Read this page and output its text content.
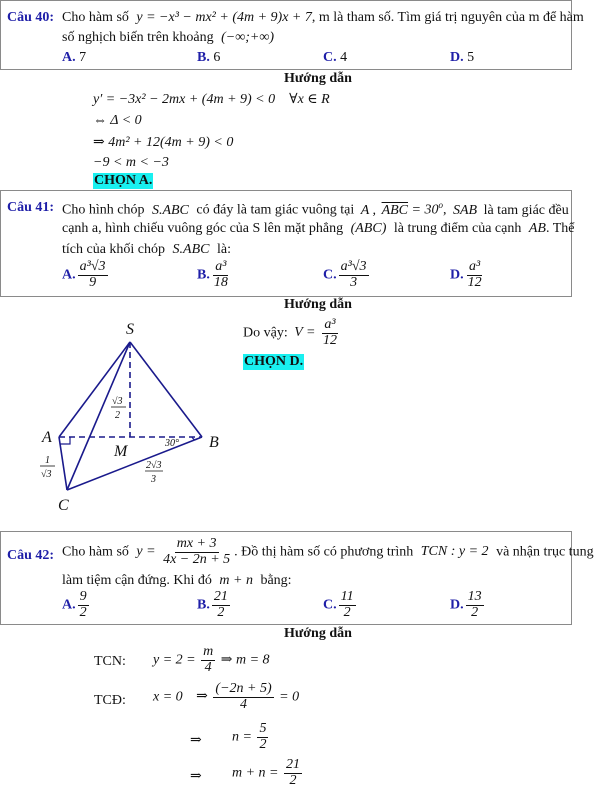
Câu 40: Cho hàm số y = −x³ − mx² + (4m + 9)x + 7, m là tham số. Tìm giá trị nguyên của m để hàm
số nghịch biến trên khoảng (−∞;+∞)
A. 7	B. 6	C. 4	D. 5
Hướng dẫn
y′ = −3x² − 2mx + (4m + 9) < 0    ∀x ∈ R
⇔ Δ < 0
⇒ 4m² + 12(4m + 9) < 0
−9 < m < −3
CHỌN A.
Câu 41: Cho hình chóp S.ABC có đáy là tam giác vuông tại A , $\overline{ABC} = 30^o$, SAB là tam giác đều
cạnh a, hình chiếu vuông góc của S lên mặt phẳng (ABC) là trung điểm của cạnh AB. Thể
tích của khối chóp S.ABC là:
A. $\frac{\text{a³√3}}{9}$	B. $\frac{\text{a³}}{18}$	C. $\frac{\text{a³√3}}{3}$	D. $\frac{\text{a³}}{12}$
Hướng dẫn
S
A	B
C
M
√3
2
1
√3
2√3
3
30°
Do vậy: $V = \frac{\text{a³}}{12}$
CHỌN D.
Câu 42: Cho hàm số $y = \frac{mx + 3}{4x - 2n + 5}$ . Đồ thị hàm số có phương trình TCN : y = 2 và nhận trục tung
làm tiệm cận đứng. Khi đó m + n bằng:
A. $\frac{9}{2}$	B. $\frac{21}{2}$	C. $\frac{11}{2}$	D. $\frac{13}{2}$
Hướng dẫn
TCN: $y = 2 = \frac{m}{4}$ ⇒ m = 8
TCĐ: x = 0 ⇒ $\frac{(-2n + 5)}{4} = 0$
⇒ $n = \frac{5}{2}$
⇒ $m + n = \frac{21}{2}$
